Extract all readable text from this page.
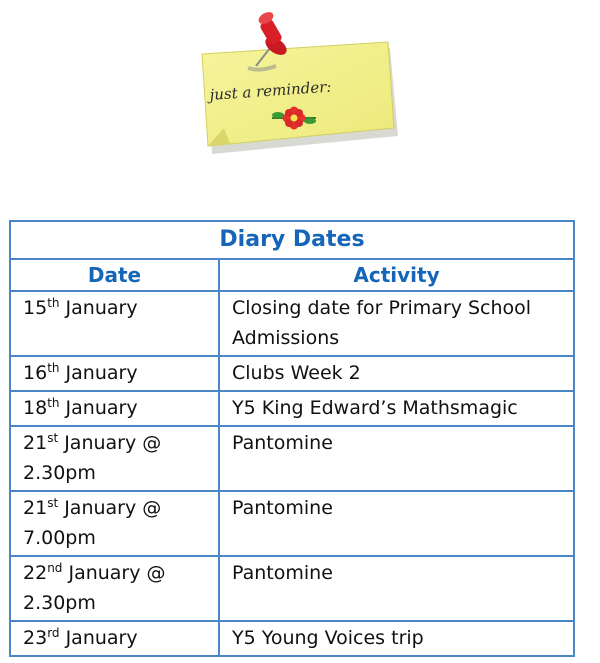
just a reminder:
Diary Dates	
Date	Activity
15th January	Closing date for Primary School Admissions
16th January	Clubs Week 2
18th January	Y5 King Edward’s Mathsmagic
21st January @ 2.30pm	Pantomine
21st January @ 7.00pm	Pantomine
22nd January @ 2.30pm	Pantomine
23rd January	Y5 Young Voices trip
